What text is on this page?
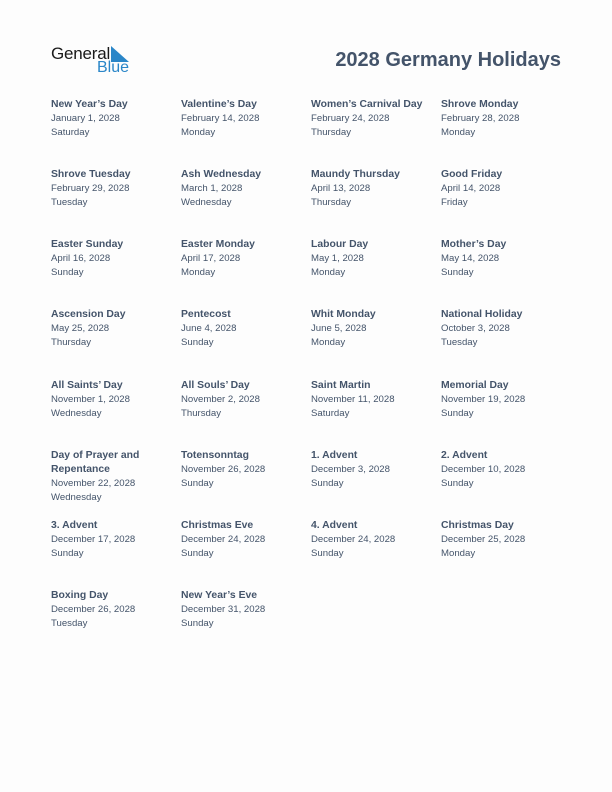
General
Blue	2028 Germany Holidays
New Year’s Day
January 1, 2028
Saturday
Valentine’s Day
February 14, 2028
Monday
Women’s Carnival Day
February 24, 2028
Thursday
Shrove Monday
February 28, 2028
Monday
Shrove Tuesday
February 29, 2028
Tuesday
Ash Wednesday
March 1, 2028
Wednesday
Maundy Thursday
April 13, 2028
Thursday
Good Friday
April 14, 2028
Friday
Easter Sunday
April 16, 2028
Sunday
Easter Monday
April 17, 2028
Monday
Labour Day
May 1, 2028
Monday
Mother’s Day
May 14, 2028
Sunday
Ascension Day
May 25, 2028
Thursday
Pentecost
June 4, 2028
Sunday
Whit Monday
June 5, 2028
Monday
National Holiday
October 3, 2028
Tuesday
All Saints’ Day
November 1, 2028
Wednesday
All Souls’ Day
November 2, 2028
Thursday
Saint Martin
November 11, 2028
Saturday
Memorial Day
November 19, 2028
Sunday
Day of Prayer and Repentance
November 22, 2028
Wednesday
Totensonntag
November 26, 2028
Sunday
1. Advent
December 3, 2028
Sunday
2. Advent
December 10, 2028
Sunday
3. Advent
December 17, 2028
Sunday
Christmas Eve
December 24, 2028
Sunday
4. Advent
December 24, 2028
Sunday
Christmas Day
December 25, 2028
Monday
Boxing Day
December 26, 2028
Tuesday
New Year’s Eve
December 31, 2028
Sunday
